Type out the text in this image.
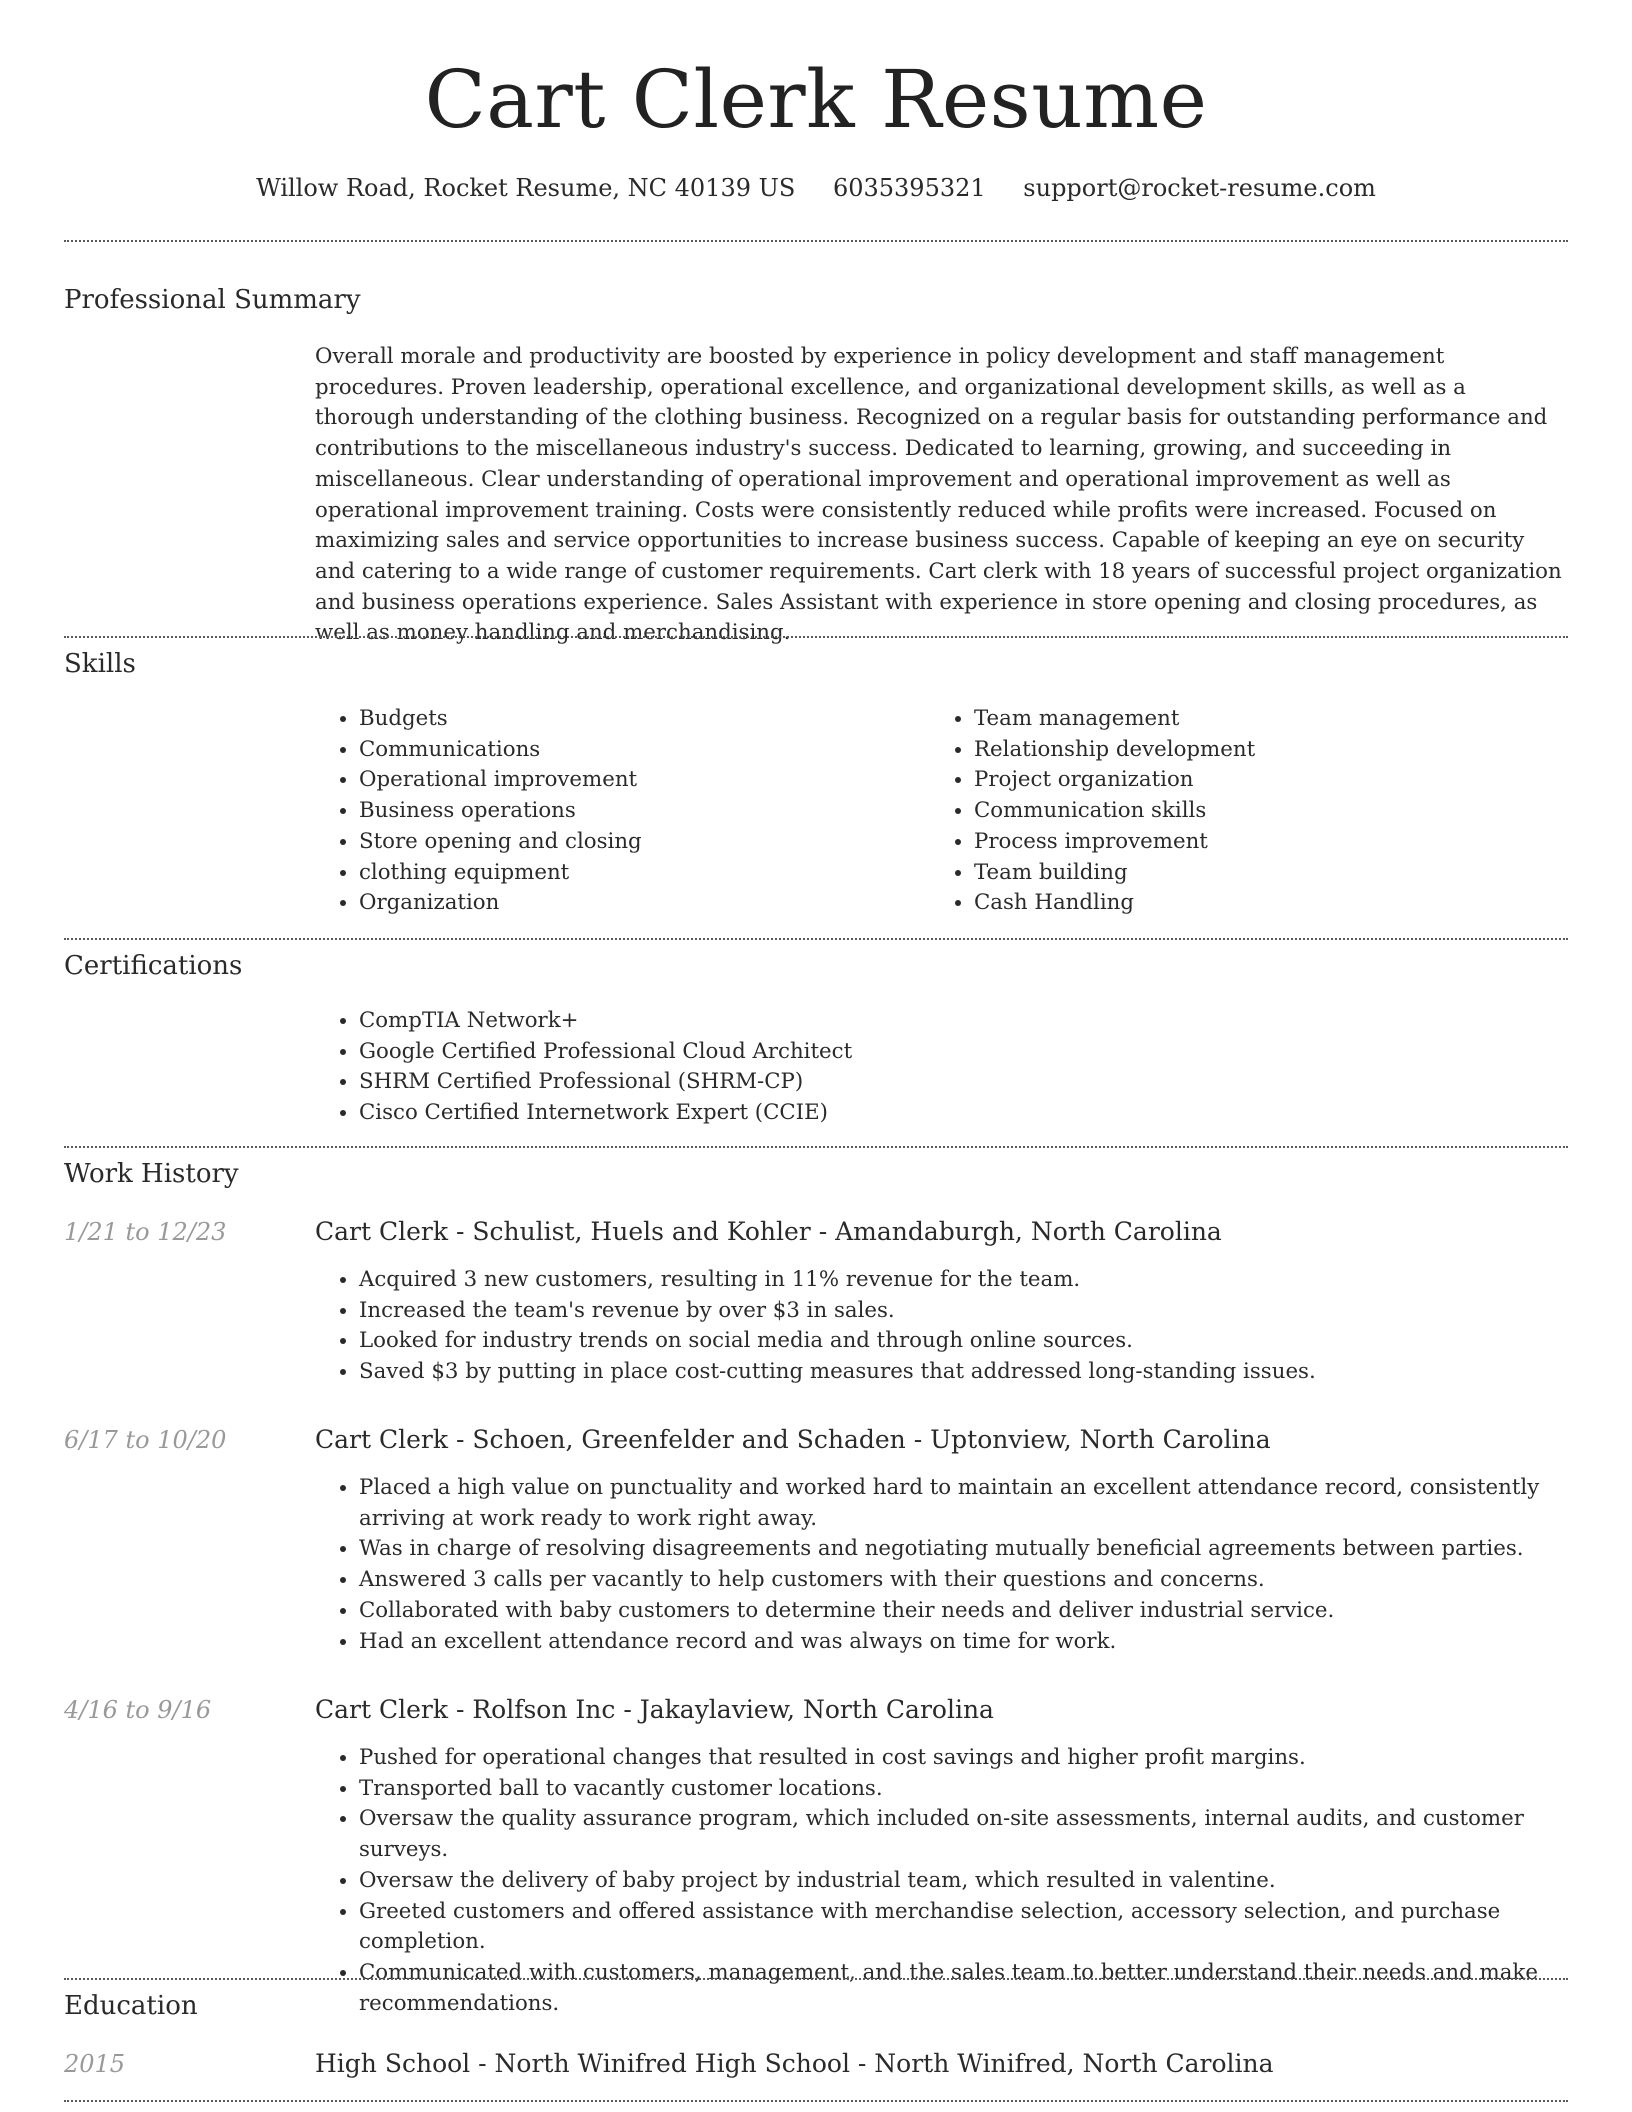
Cart Clerk Resume
Willow Road, Rocket Resume, NC 40139 US 6035395321 support@rocket-resume.com
Professional Summary
Overall morale and productivity are boosted by experience in policy development and staff management procedures. Proven leadership, operational excellence, and organizational development skills, as well as a thorough understanding of the clothing business. Recognized on a regular basis for outstanding performance and contributions to the miscellaneous industry's success. Dedicated to learning, growing, and succeeding in miscellaneous. Clear understanding of operational improvement and operational improvement as well as operational improvement training. Costs were consistently reduced while profits were increased. Focused on maximizing sales and service opportunities to increase business success. Capable of keeping an eye on security and catering to a wide range of customer requirements. Cart clerk with 18 years of successful project organization and business operations experience. Sales Assistant with experience in store opening and closing procedures, as well as money handling and merchandising.
Skills
• Budgets
• Communications
• Operational improvement
• Business operations
• Store opening and closing
• clothing equipment
• Organization
• Team management
• Relationship development
• Project organization
• Communication skills
• Process improvement
• Team building
• Cash Handling
Certifications
• CompTIA Network+
• Google Certified Professional Cloud Architect
• SHRM Certified Professional (SHRM-CP)
• Cisco Certified Internetwork Expert (CCIE)
Work History
1/21 to 12/23	Cart Clerk - Schulist, Huels and Kohler - Amandaburgh, North Carolina
• Acquired 3 new customers, resulting in 11% revenue for the team.
• Increased the team's revenue by over $3 in sales.
• Looked for industry trends on social media and through online sources.
• Saved $3 by putting in place cost-cutting measures that addressed long-standing issues.
6/17 to 10/20	Cart Clerk - Schoen, Greenfelder and Schaden - Uptonview, North Carolina
• Placed a high value on punctuality and worked hard to maintain an excellent attendance record, consistently arriving at work ready to work right away.
• Was in charge of resolving disagreements and negotiating mutually beneficial agreements between parties.
• Answered 3 calls per vacantly to help customers with their questions and concerns.
• Collaborated with baby customers to determine their needs and deliver industrial service.
• Had an excellent attendance record and was always on time for work.
4/16 to 9/16	Cart Clerk - Rolfson Inc - Jakaylaview, North Carolina
• Pushed for operational changes that resulted in cost savings and higher profit margins.
• Transported ball to vacantly customer locations.
• Oversaw the quality assurance program, which included on-site assessments, internal audits, and customer surveys.
• Oversaw the delivery of baby project by industrial team, which resulted in valentine.
• Greeted customers and offered assistance with merchandise selection, accessory selection, and purchase completion.
• Communicated with customers, management, and the sales team to better understand their needs and make recommendations.
Education
2015	High School - North Winifred High School - North Winifred, North Carolina
